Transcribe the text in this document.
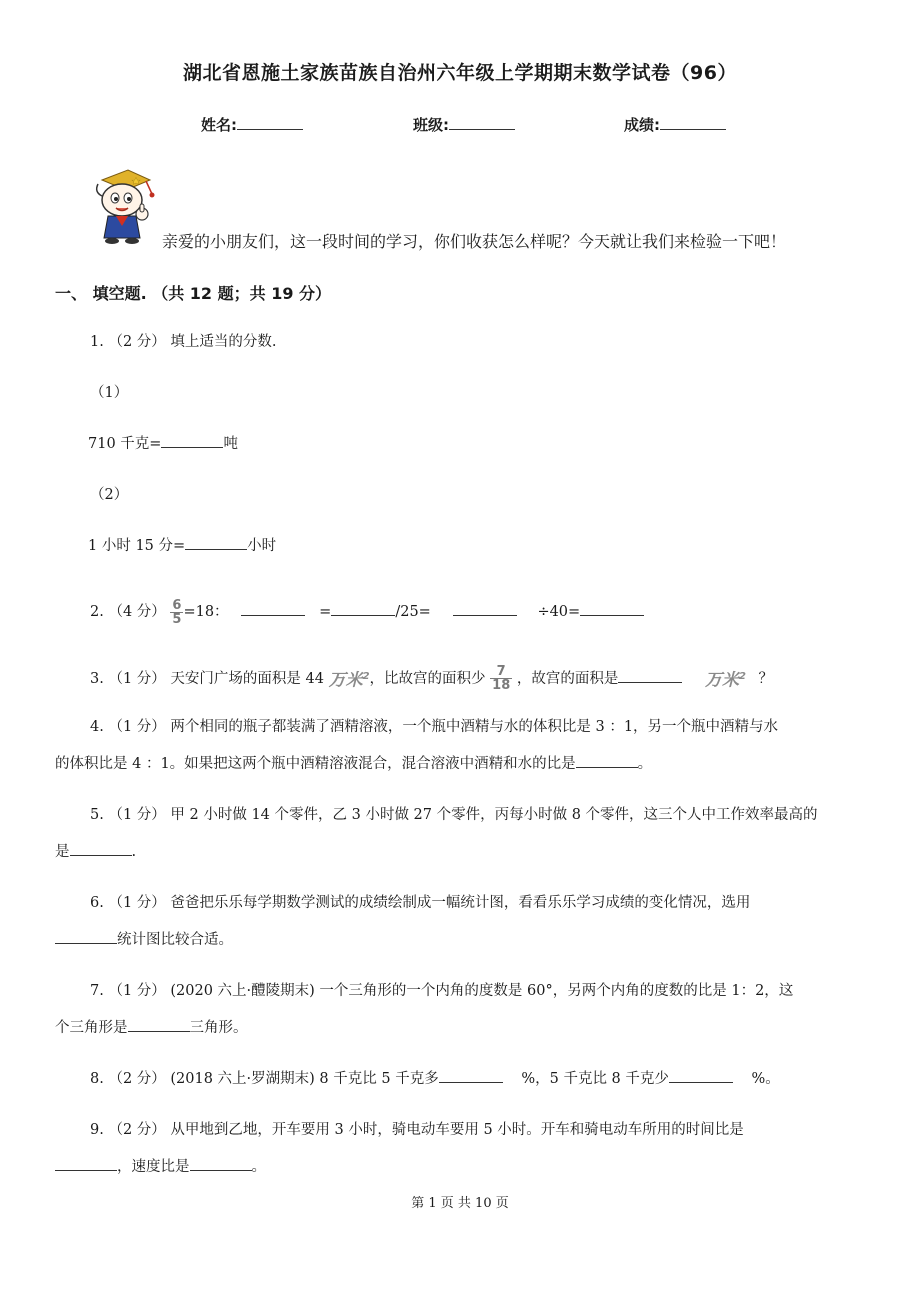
湖北省恩施土家族苗族自治州六年级上学期期末数学试卷（96）
姓名:	班级:	成绩:
亲爱的小朋友们，这一段时间的学习，你们收获怎么样呢？今天就让我们来检验一下吧！
一、 填空题. （共 12 题；共 19 分）
1. （2 分） 填上适当的分数.
（1）
710 千克=	吨
（2）
1 小时 15 分=	小时
2. （4 分） $\frac{6}{5} =18$：	=	/25=	÷40=
3. （1 分） 天安门广场的面积是 44 万米$^2$，比故宫的面积少 $\frac{7}{18}$ ，故宫的面积是	万米$^2$ ？
4. （1 分） 两个相同的瓶子都装满了酒精溶液，一个瓶中酒精与水的体积比是 3 ：1，另一个瓶中酒精与水
的体积比是 4 ：1。如果把这两个瓶中酒精溶液混合，混合溶液中酒精和水的比是	。
5. （1 分） 甲 2 小时做 14 个零件，乙 3 小时做 27 个零件，丙每小时做 8 个零件，这三个人中工作效率最高的
是	.
6. （1 分） 爸爸把乐乐每学期数学测试的成绩绘制成一幅统计图，看看乐乐学习成绩的变化情况，选用
统计图比较合适。
7. （1 分） (2020 六上·醴陵期末) 一个三角形的一个内角的度数是 60°，另两个内角的度数的比是 1：2，这
个三角形是	三角形。
8. （2 分） (2018 六上·罗湖期末) 8 千克比 5 千克多	%，5 千克比 8 千克少	%。
9. （2 分） 从甲地到乙地，开车要用 3 小时，骑电动车要用 5 小时。开车和骑电动车所用的时间比是
，速度比是	。
第 1 页 共 10 页
